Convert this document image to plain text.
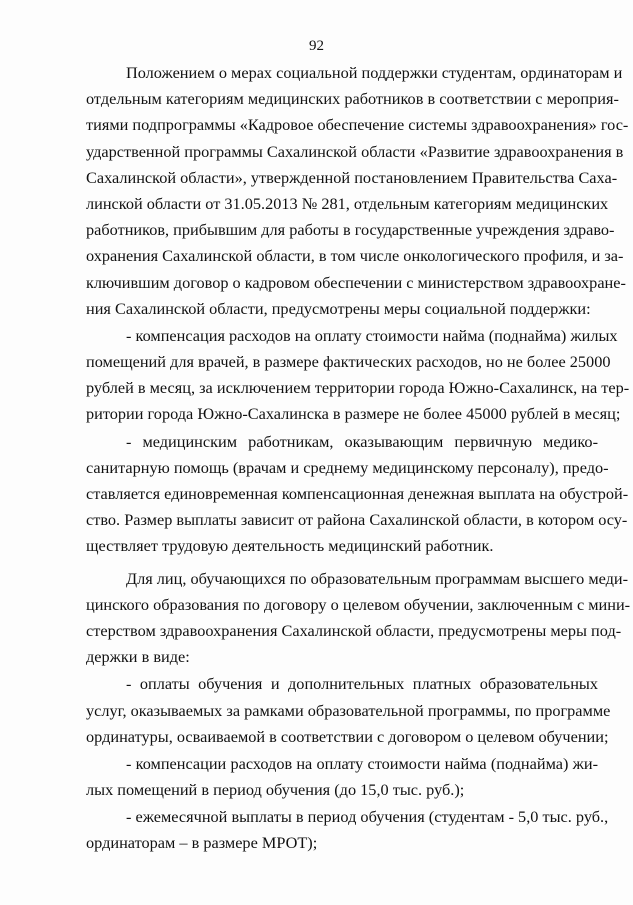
92
Положением о мерах социальной поддержки студентам, ординаторам и
отдельным категориям медицинских работников в соответствии с мероприя-
тиями подпрограммы «Кадровое обеспечение системы здравоохранения» гос-
ударственной программы Сахалинской области «Развитие здравоохранения в
Сахалинской области», утвержденной постановлением Правительства Саха-
линской области от 31.05.2013 № 281, отдельным категориям медицинских
работников, прибывшим для работы в государственные учреждения здраво-
охранения Сахалинской области, в том числе онкологического профиля, и за-
ключившим договор о кадровом обеспечении с министерством здравоохране-
ния Сахалинской области, предусмотрены меры социальной поддержки:
- компенсация расходов на оплату стоимости найма (поднайма) жилых
помещений для врачей, в размере фактических расходов, но не более 25000
рублей в месяц, за исключением территории города Южно-Сахалинск, на тер-
ритории города Южно-Сахалинска в размере не более 45000 рублей в месяц;
- медицинским работникам, оказывающим первичную медико-
санитарную помощь (врачам и среднему медицинскому персоналу), предо-
ставляется единовременная компенсационная денежная выплата на обустрой-
ство. Размер выплаты зависит от района Сахалинской области, в котором осу-
ществляет трудовую деятельность медицинский работник.
Для лиц, обучающихся по образовательным программам высшего меди-
цинского образования по договору о целевом обучении, заключенным с мини-
стерством здравоохранения Сахалинской области, предусмотрены меры под-
держки в виде:
- оплаты обучения и дополнительных платных образовательных
услуг, оказываемых за рамками образовательной программы, по программе
ординатуры, осваиваемой в соответствии с договором о целевом обучении;
- компенсации расходов на оплату стоимости найма (поднайма) жи-
лых помещений в период обучения (до 15,0 тыс. руб.);
- ежемесячной выплаты в период обучения (студентам - 5,0 тыс. руб.,
ординаторам – в размере МРОТ);
